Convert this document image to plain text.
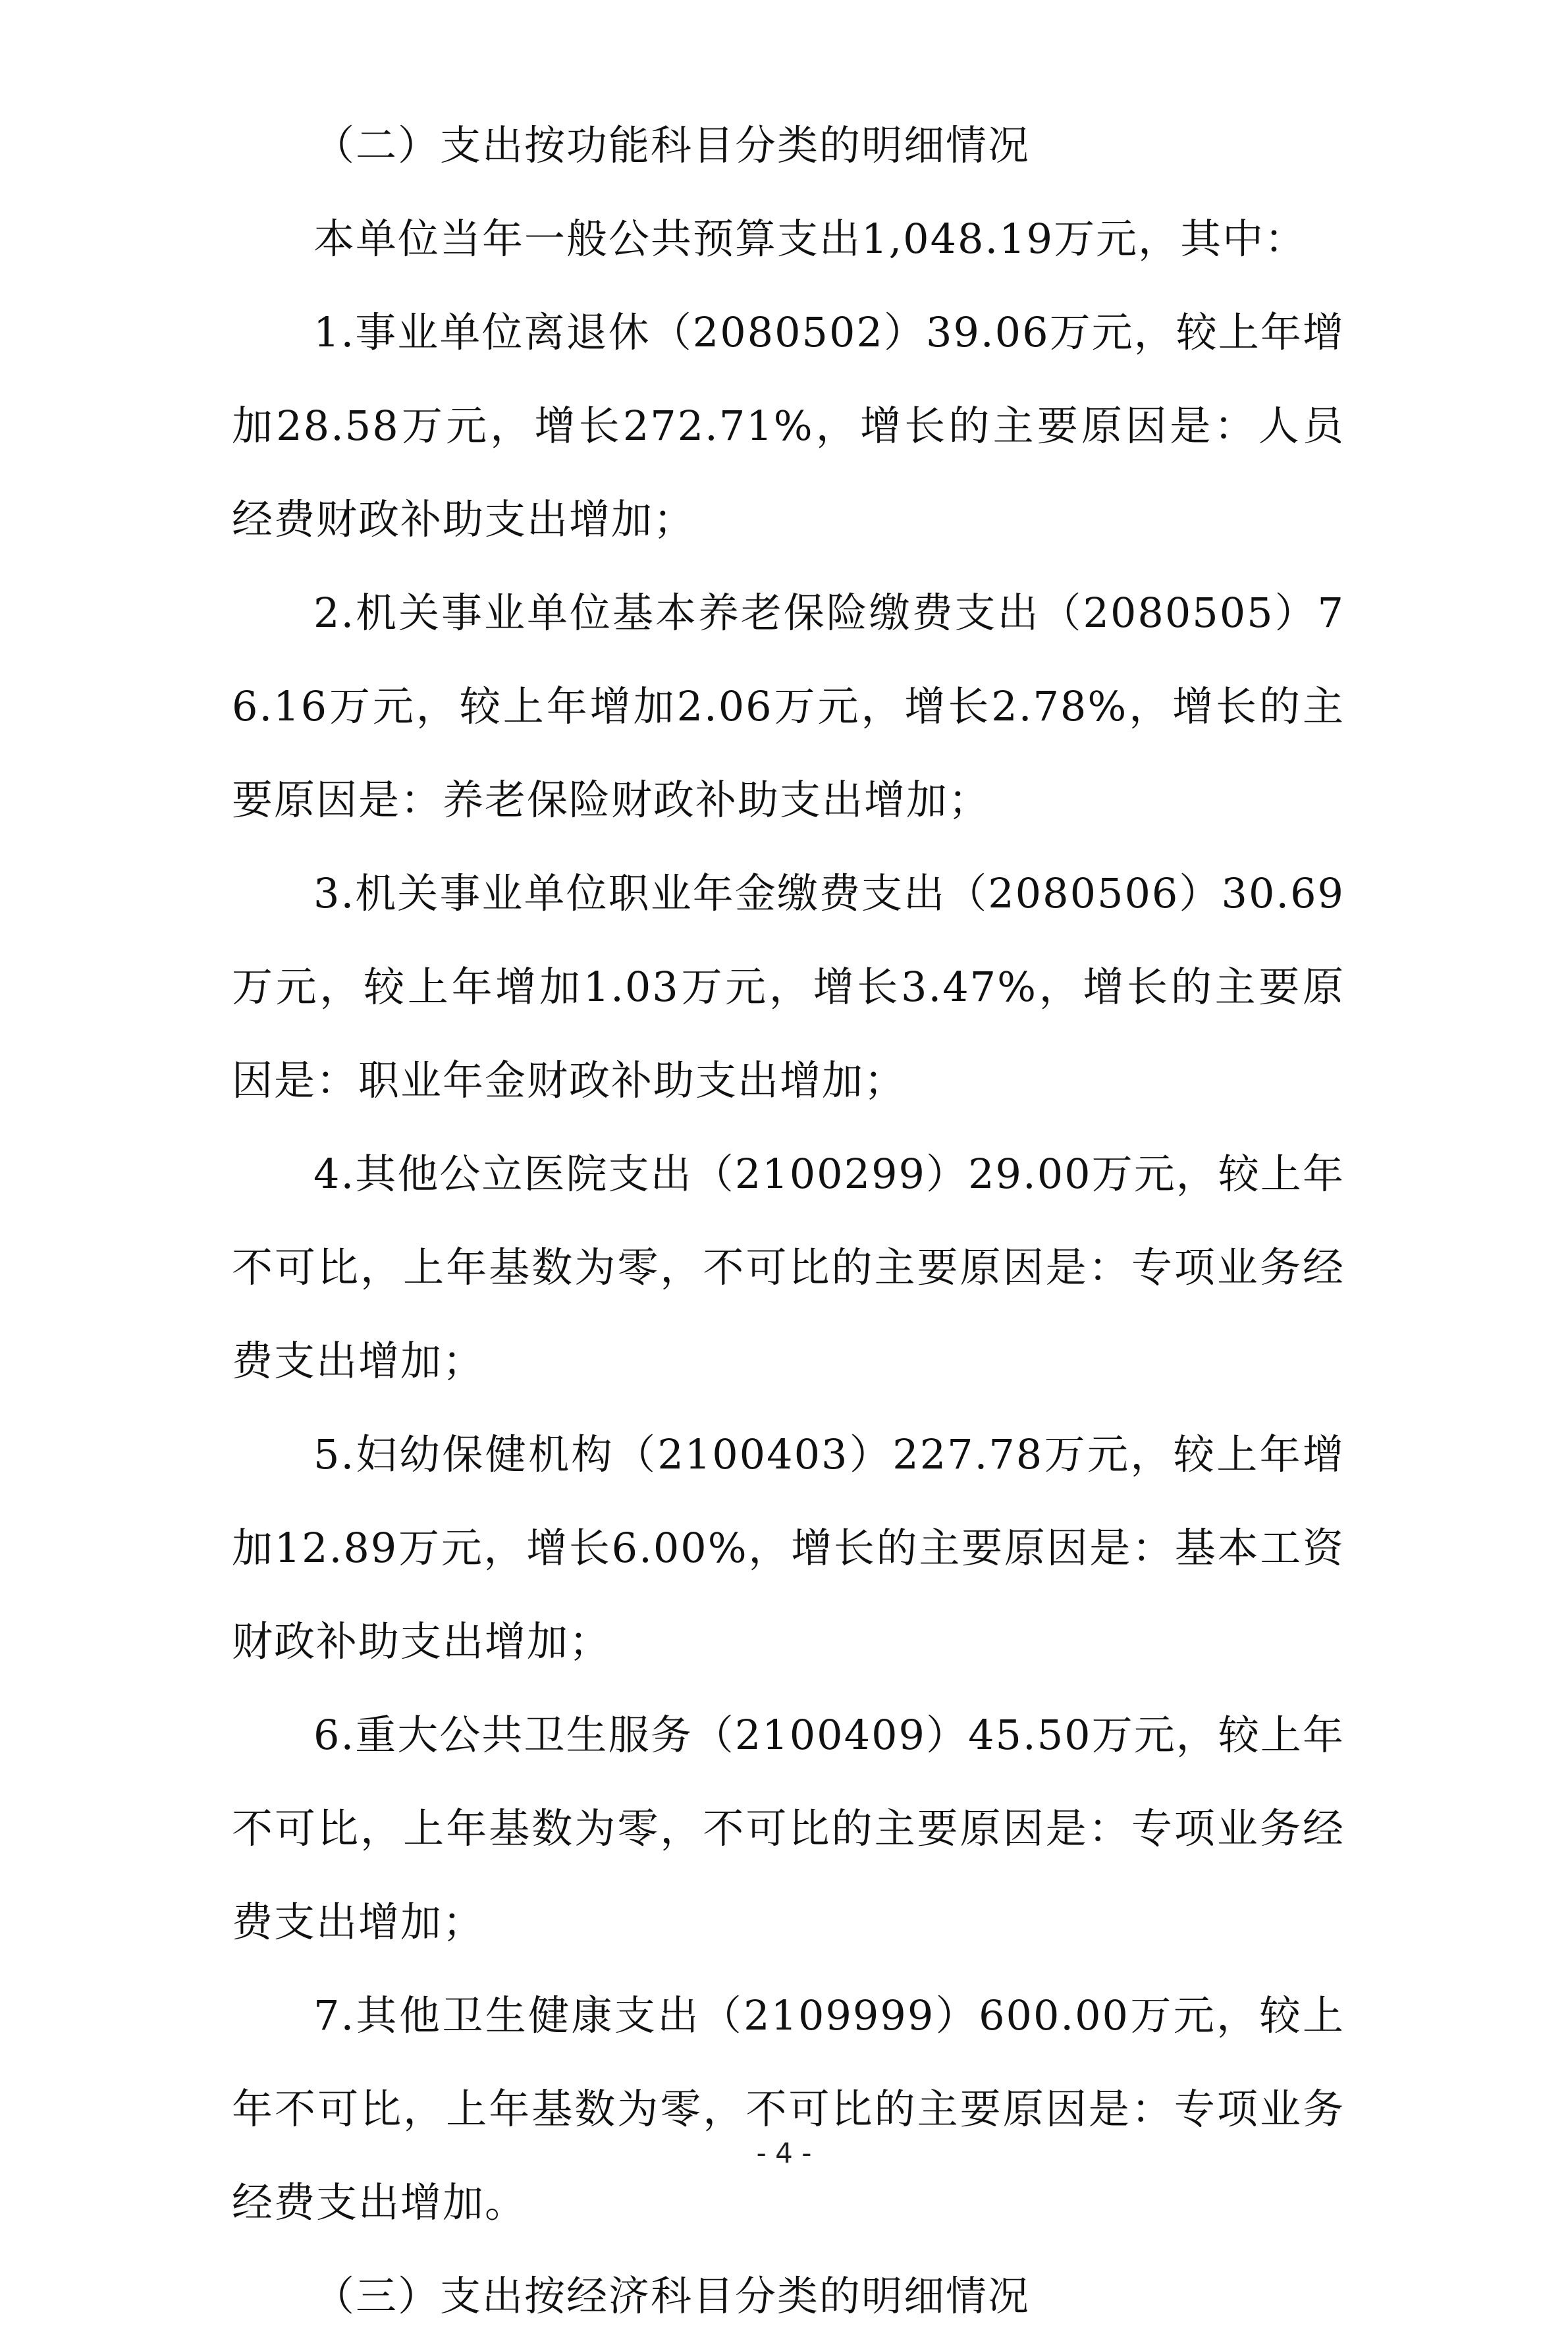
（二）支出按功能科目分类的明细情况

本单位当年一般公共预算支出1,048.19万元，其中：

1.事业单位离退休（2080502）39.06万元，较上年增加28.58万元，增长272.71%，增长的主要原因是：人员经费财政补助支出增加；

2.机关事业单位基本养老保险缴费支出（2080505）76.16万元，较上年增加2.06万元，增长2.78%，增长的主要原因是：养老保险财政补助支出增加；

3.机关事业单位职业年金缴费支出（2080506）30.69万元，较上年增加1.03万元，增长3.47%，增长的主要原因是：职业年金财政补助支出增加；

4.其他公立医院支出（2100299）29.00万元，较上年不可比，上年基数为零，不可比的主要原因是：专项业务经费支出增加；

5.妇幼保健机构（2100403）227.78万元，较上年增加12.89万元，增长6.00%，增长的主要原因是：基本工资财政补助支出增加；

6.重大公共卫生服务（2100409）45.50万元，较上年不可比，上年基数为零，不可比的主要原因是：专项业务经费支出增加；

7.其他卫生健康支出（2109999）600.00万元，较上年不可比，上年基数为零，不可比的主要原因是：专项业务经费支出增加。

（三）支出按经济科目分类的明细情况

- 4 -
